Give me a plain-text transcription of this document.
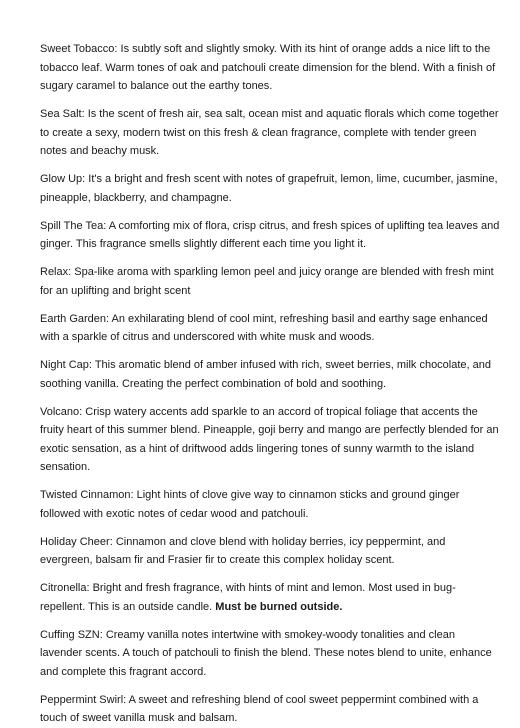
Sweet Tobacco: Is subtly soft and slightly smoky. With its hint of orange adds a nice lift to the tobacco leaf. Warm tones of oak and patchouli create dimension for the blend. With a finish of sugary caramel to balance out the earthy tones.

Sea Salt: Is the scent of fresh air, sea salt, ocean mist and aquatic florals which come together to create a sexy, modern twist on this fresh & clean fragrance, complete with tender green notes and beachy musk.

Glow Up: It's a bright and fresh scent with notes of grapefruit, lemon, lime, cucumber, jasmine, pineapple, blackberry, and champagne.

Spill The Tea: A comforting mix of flora, crisp citrus, and fresh spices of uplifting tea leaves and ginger. This fragrance smells slightly different each time you light it.

Relax: Spa-like aroma with sparkling lemon peel and juicy orange are blended with fresh mint for an uplifting and bright scent

Earth Garden: An exhilarating blend of cool mint, refreshing basil and earthy sage enhanced with a sparkle of citrus and underscored with white musk and woods.

Night Cap: This aromatic blend of amber infused with rich, sweet berries, milk chocolate, and soothing vanilla. Creating the perfect combination of bold and soothing.

Volcano: Crisp watery accents add sparkle to an accord of tropical foliage that accents the fruity heart of this summer blend. Pineapple, goji berry and mango are perfectly blended for an exotic sensation, as a hint of driftwood adds lingering tones of sunny warmth to the island sensation.

Twisted Cinnamon: Light hints of clove give way to cinnamon sticks and ground ginger followed with exotic notes of cedar wood and patchouli.

Holiday Cheer: Cinnamon and clove blend with holiday berries, icy peppermint, and evergreen, balsam fir and Frasier fir to create this complex holiday scent.

Citronella: Bright and fresh fragrance, with hints of mint and lemon. Most used in bug-repellent. This is an outside candle. Must be burned outside.

Cuffing SZN: Creamy vanilla notes intertwine with smokey-woody tonalities and clean lavender scents. A touch of patchouli to finish the blend. These notes blend to unite, enhance and complete this fragrant accord.

Peppermint Swirl: A sweet and refreshing blend of cool sweet peppermint combined with a touch of sweet vanilla musk and balsam.
